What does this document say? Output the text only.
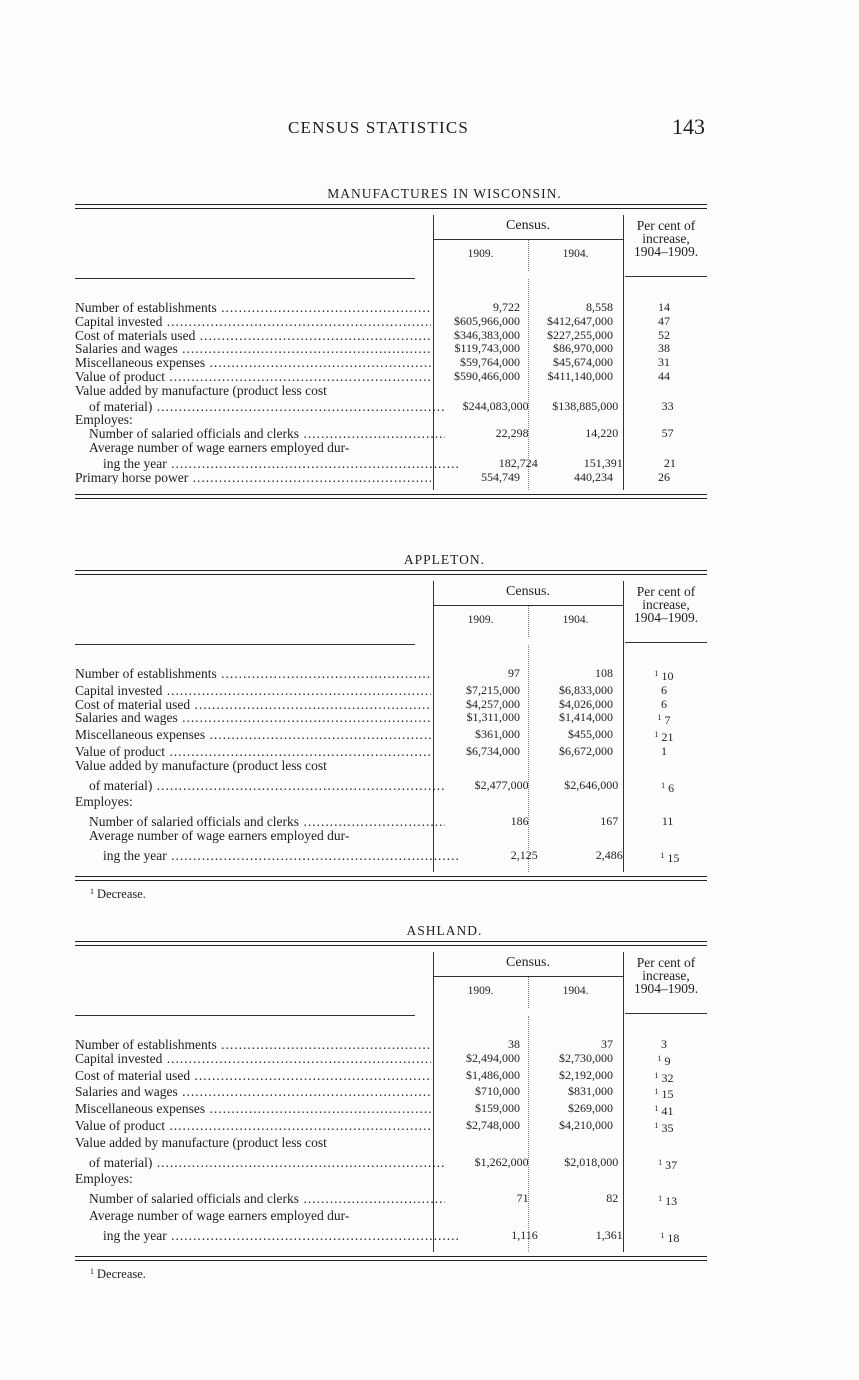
CENSUS STATISTICS	143
MANUFACTURES IN WISCONSIN.
Census.
1909.	1904.
Per cent of
increase,
1904–1909.
Number of establishments .....	9,722	8,558	14
Capital invested .....	$605,966,000	$412,647,000	47
Cost of materials used .....	$346,383,000	$227,255,000	52
Salaries and wages .....	$119,743,000	$86,970,000	38
Miscellaneous expenses .....	$59,764,000	$45,674,000	31
Value of product .....	$590,466,000	$411,140,000	44
Value added by manufacture (product less cost
of material) .....	$244,083,000	$138,885,000	33
Employes:
Number of salaried officials and clerks .....	22,298	14,220	57
Average number of wage earners employed dur-
ing the year .....	182,724	151,391	21
Primary horse power .....	554,749	440,234	26
APPLETON.
Census.
1909.	1904.
Per cent of
increase,
1904–1909.
Number of establishments .....	97	108	$^1$ 10
Capital invested .....	$7,215,000	$6,833,000	6
Cost of material used .....	$4,257,000	$4,026,000	6
Salaries and wages .....	$1,311,000	$1,414,000	$^1$ 7
Miscellaneous expenses .....	$361,000	$455,000	$^1$ 21
Value of product .....	$6,734,000	$6,672,000	1
Value added by manufacture (product less cost
of material) .....	$2,477,000	$2,646,000	$^1$ 6
Employes:
Number of salaried officials and clerks .....	186	167	11
Average number of wage earners employed dur-
ing the year .....	2,125	2,486	$^1$ 15
$^1$ Decrease.
ASHLAND.
Census.
1909.	1904.
Per cent of
increase,
1904–1909.
Number of establishments .....	38	37	3
Capital invested .....	$2,494,000	$2,730,000	$^1$ 9
Cost of material used .....	$1,486,000	$2,192,000	$^1$ 32
Salaries and wages .....	$710,000	$831,000	$^1$ 15
Miscellaneous expenses .....	$159,000	$269,000	$^1$ 41
Value of product .....	$2,748,000	$4,210,000	$^1$ 35
Value added by manufacture (product less cost
of material) .....	$1,262,000	$2,018,000	$^1$ 37
Employes:
Number of salaried officials and clerks .....	71	82	$^1$ 13
Average number of wage earners employed dur-
ing the year .....	1,116	1,361	$^1$ 18
$^1$ Decrease.
